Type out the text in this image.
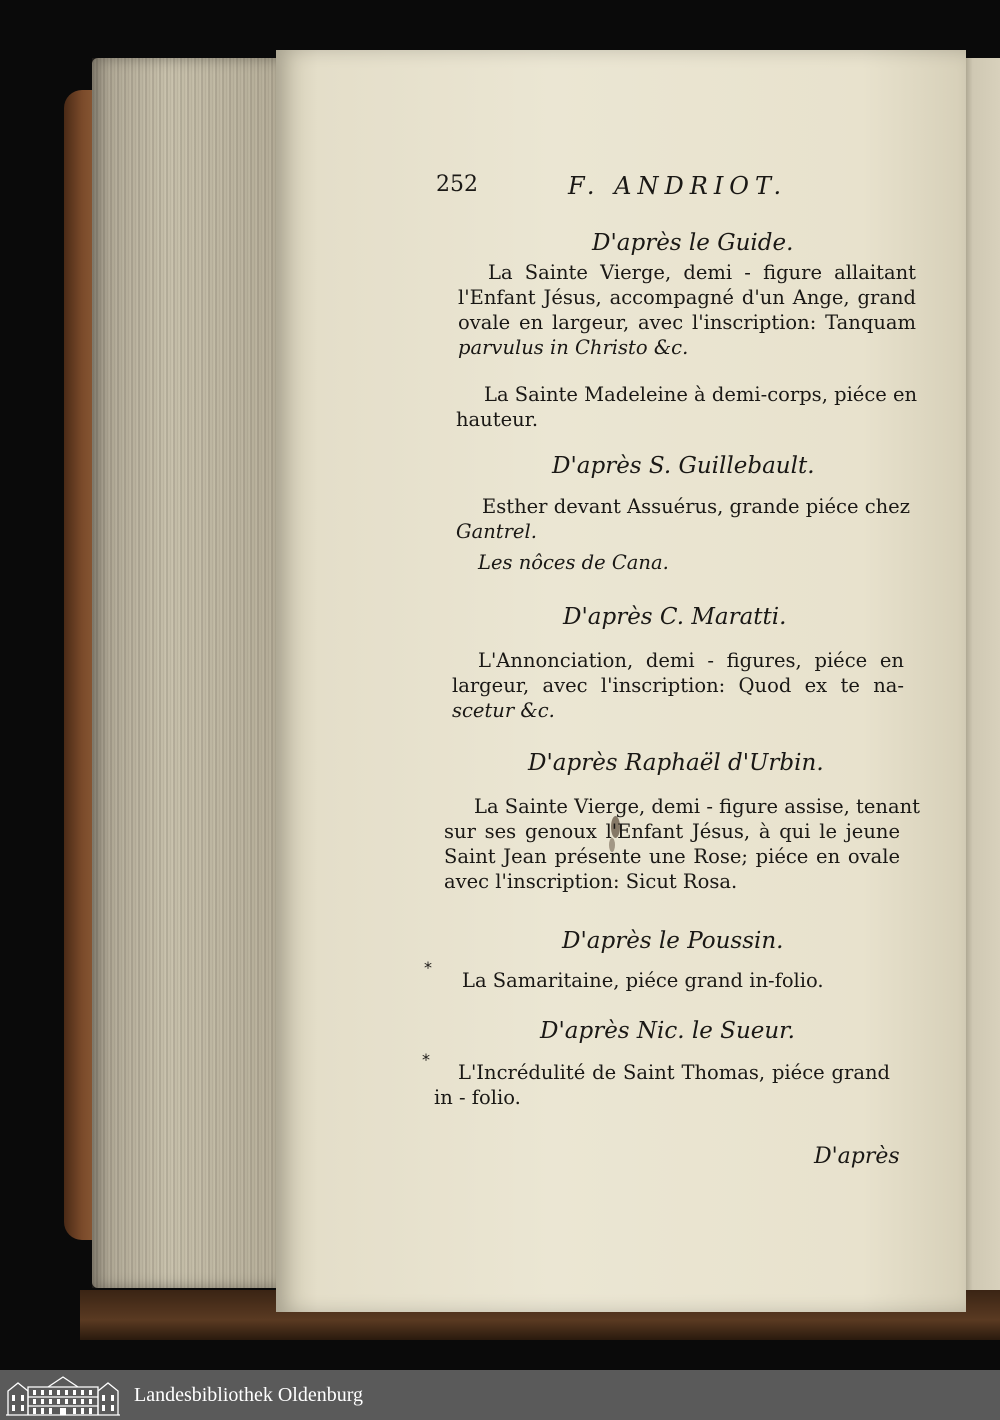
252	F. ANDRIOT.
D'après le Guide.
La Sainte Vierge, demi - figure allaitant
l'Enfant Jésus, accompagné d'un Ange, grand
ovale en largeur, avec l'inscription: Tanquam
parvulus in Christo &c.
La Sainte Madeleine à demi-corps, piéce en
hauteur.
D'après S. Guillebault.
Esther devant Assuérus, grande piéce chez
Gantrel.
Les nôces de Cana.
D'après C. Maratti.
L'Annonciation, demi - figures, piéce en
largeur, avec l'inscription: Quod ex te na-
scetur &c.
D'après Raphaël d'Urbin.
La Sainte Vierge, demi - figure assise, tenant
sur ses genoux l'Enfant Jésus, à qui le jeune
Saint Jean présente une Rose; piéce en ovale
avec l'inscription: Sicut Rosa.
D'après le Poussin.
*
La Samaritaine, piéce grand in-folio.
D'après Nic. le Sueur.
*
L'Incrédulité de Saint Thomas, piéce grand
in - folio.
D'après
Landesbibliothek Oldenburg
